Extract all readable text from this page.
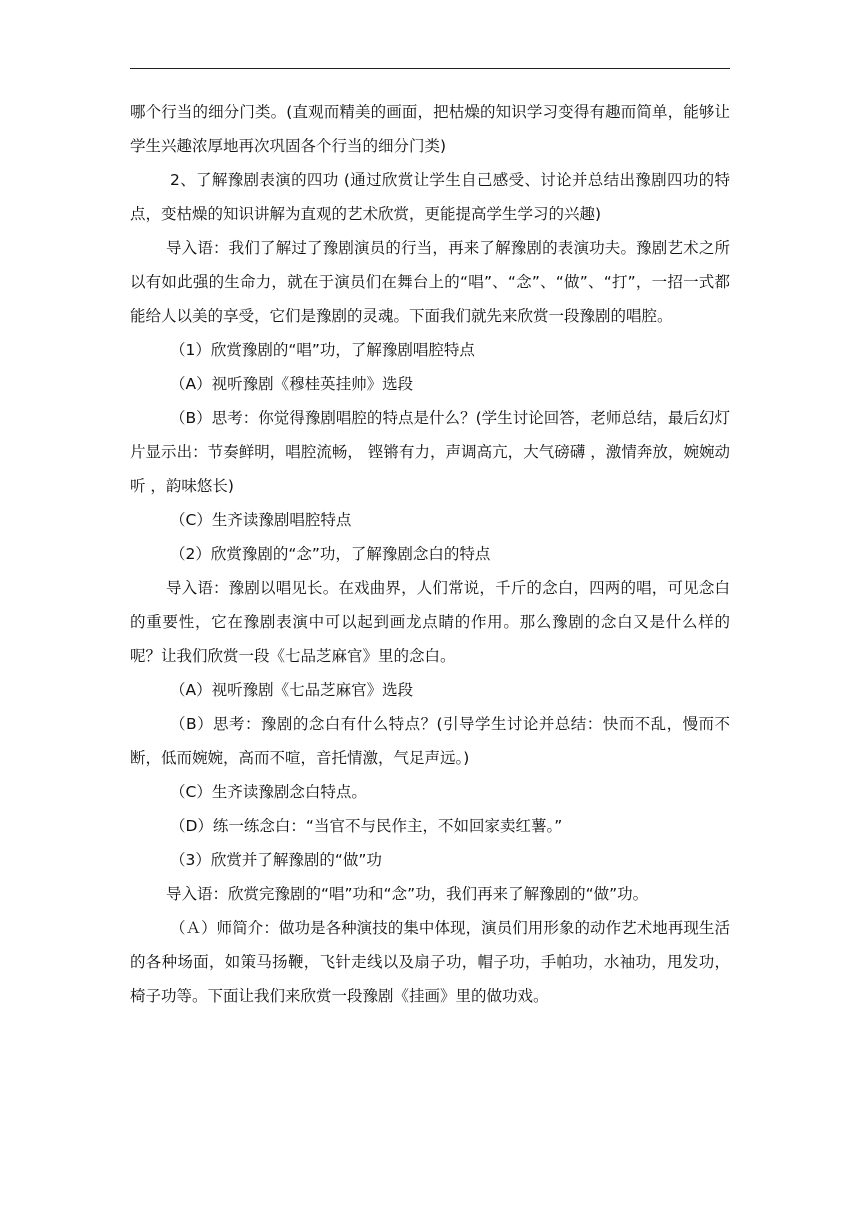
哪个行当的细分门类。(直观而精美的画面，把枯燥的知识学习变得有趣而简单，能够让学生兴趣浓厚地再次巩固各个行当的细分门类)

2、了解豫剧表演的四功 (通过欣赏让学生自己感受、讨论并总结出豫剧四功的特点，变枯燥的知识讲解为直观的艺术欣赏，更能提高学生学习的兴趣)

导入语：我们了解过了豫剧演员的行当，再来了解豫剧的表演功夫。豫剧艺术之所以有如此强的生命力，就在于演员们在舞台上的“唱”、“念”、“做”、“打”，一招一式都能给人以美的享受，它们是豫剧的灵魂。下面我们就先来欣赏一段豫剧的唱腔。

（1）欣赏豫剧的“唱”功，了解豫剧唱腔特点

（A）视听豫剧《穆桂英挂帅》选段

（B）思考：你觉得豫剧唱腔的特点是什么？(学生讨论回答，老师总结，最后幻灯片显示出：节奏鲜明，唱腔流畅， 铿锵有力，声调高亢，大气磅礴 ，激情奔放，婉婉动听 ，韵味悠长)

（C）生齐读豫剧唱腔特点

（2）欣赏豫剧的“念”功，了解豫剧念白的特点

导入语：豫剧以唱见长。在戏曲界，人们常说，千斤的念白，四两的唱，可见念白的重要性，它在豫剧表演中可以起到画龙点睛的作用。那么豫剧的念白又是什么样的呢？让我们欣赏一段《七品芝麻官》里的念白。

（A）视听豫剧《七品芝麻官》选段

（B）思考：豫剧的念白有什么特点？(引导学生讨论并总结：快而不乱，慢而不断，低而婉婉，高而不喧，音托情激，气足声远。)

（C）生齐读豫剧念白特点。

（D）练一练念白：“当官不与民作主，不如回家卖红薯。”

（3）欣赏并了解豫剧的“做”功

导入语：欣赏完豫剧的“唱”功和“念”功，我们再来了解豫剧的“做”功。

（Ａ）师简介：做功是各种演技的集中体现，演员们用形象的动作艺术地再现生活的各种场面，如策马扬鞭，飞针走线以及扇子功，帽子功，手帕功，水袖功，甩发功，椅子功等。下面让我们来欣赏一段豫剧《挂画》里的做功戏。
